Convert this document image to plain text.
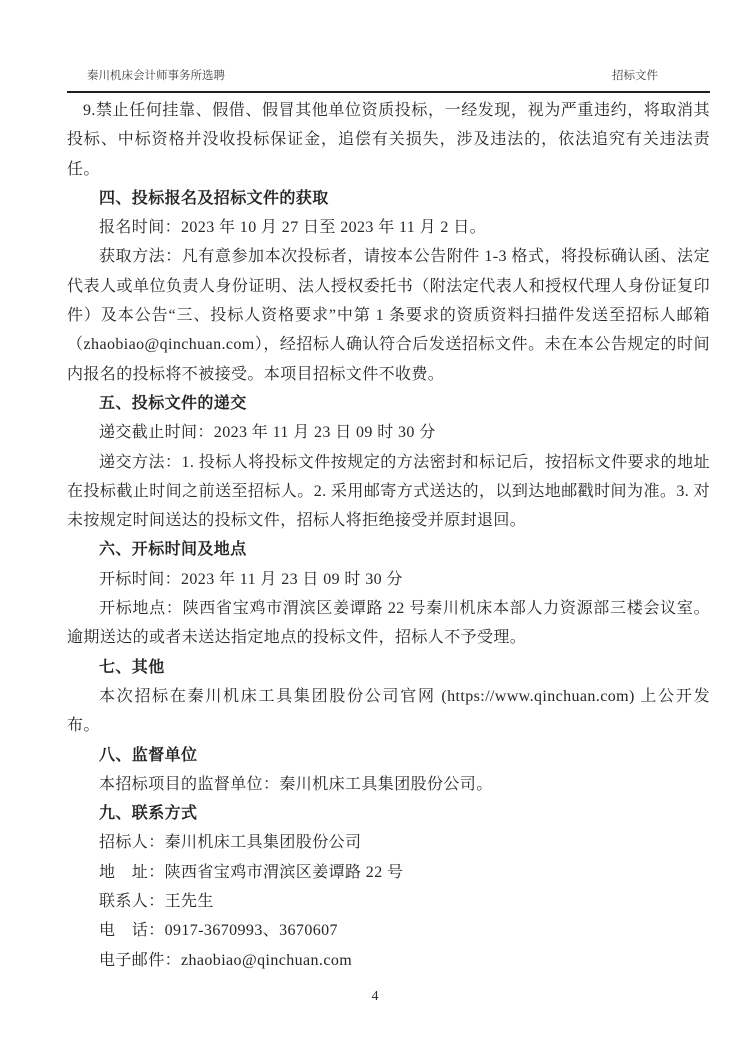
秦川机床会计师事务所选聘	招标文件

9.禁止任何挂靠、假借、假冒其他单位资质投标，一经发现，视为严重违约，将取消其投标、中标资格并没收投标保证金，追偿有关损失，涉及违法的，依法追究有关违法责任。

四、投标报名及招标文件的获取

报名时间：2023 年 10 月 27 日至 2023 年 11 月 2 日。

获取方法：凡有意参加本次投标者，请按本公告附件 1-3 格式，将投标确认函、法定代表人或单位负责人身份证明、法人授权委托书（附法定代表人和授权代理人身份证复印件）及本公告“三、投标人资格要求”中第 1 条要求的资质资料扫描件发送至招标人邮箱（zhaobiao@qinchuan.com），经招标人确认符合后发送招标文件。未在本公告规定的时间内报名的投标将不被接受。本项目招标文件不收费。

五、投标文件的递交

递交截止时间：2023 年 11 月 23 日 09 时 30 分

递交方法：1. 投标人将投标文件按规定的方法密封和标记后，按招标文件要求的地址在投标截止时间之前送至招标人。2. 采用邮寄方式送达的，以到达地邮戳时间为准。3. 对未按规定时间送达的投标文件，招标人将拒绝接受并原封退回。

六、开标时间及地点

开标时间：2023 年 11 月 23 日 09 时 30 分

开标地点：陕西省宝鸡市渭滨区姜谭路 22 号秦川机床本部人力资源部三楼会议室。逾期送达的或者未送达指定地点的投标文件，招标人不予受理。

七、其他

本次招标在秦川机床工具集团股份公司官网 (https://www.qinchuan.com) 上公开发布。

八、监督单位

本招标项目的监督单位：秦川机床工具集团股份公司。

九、联系方式

招标人：秦川机床工具集团股份公司

地　址：陕西省宝鸡市渭滨区姜谭路 22 号

联系人：王先生

电　话：0917-3670993、3670607

电子邮件：zhaobiao@qinchuan.com

4
